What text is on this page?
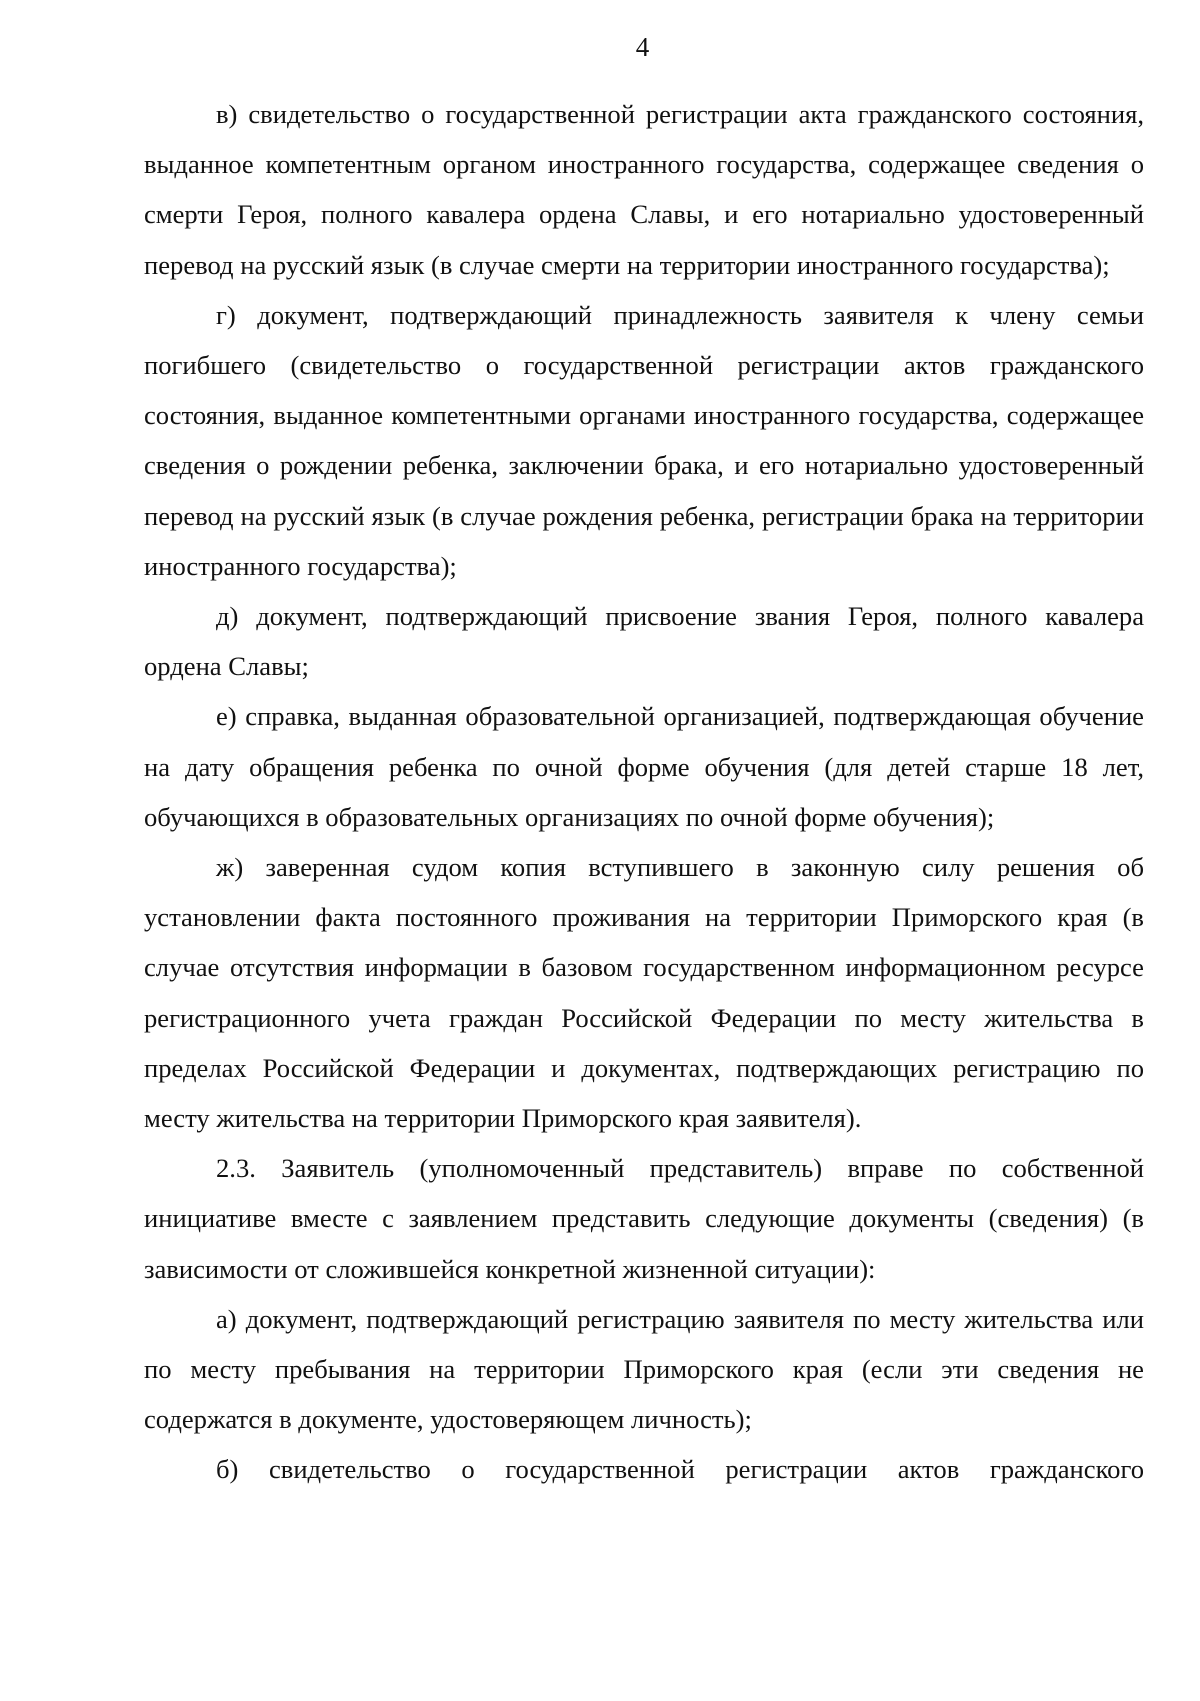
4

в) свидетельство о государственной регистрации акта гражданского состояния, выданное компетентным органом иностранного государства, содержащее сведения о смерти Героя, полного кавалера ордена Славы, и его нотариально удостоверенный перевод на русский язык (в случае смерти на территории иностранного государства);

г) документ, подтверждающий принадлежность заявителя к члену семьи погибшего (свидетельство о государственной регистрации актов гражданского состояния, выданное компетентными органами иностранного государства, содержащее сведения о рождении ребенка, заключении брака, и его нотариально удостоверенный перевод на русский язык (в случае рождения ребенка, регистрации брака на территории иностранного государства);

д) документ, подтверждающий присвоение звания Героя, полного кавалера ордена Славы;

е) справка, выданная образовательной организацией, подтверждающая обучение на дату обращения ребенка по очной форме обучения (для детей старше 18 лет, обучающихся в образовательных организациях по очной форме обучения);

ж) заверенная судом копия вступившего в законную силу решения об установлении факта постоянного проживания на территории Приморского края (в случае отсутствия информации в базовом государственном информационном ресурсе регистрационного учета граждан Российской Федерации по месту жительства в пределах Российской Федерации и документах, подтверждающих регистрацию по месту жительства на территории Приморского края заявителя).

2.3. Заявитель (уполномоченный представитель) вправе по собственной инициативе вместе с заявлением представить следующие документы (сведения) (в зависимости от сложившейся конкретной жизненной ситуации):

а) документ, подтверждающий регистрацию заявителя по месту жительства или по месту пребывания на территории Приморского края (если эти сведения не содержатся в документе, удостоверяющем личность);

б) свидетельство о государственной регистрации актов гражданского
